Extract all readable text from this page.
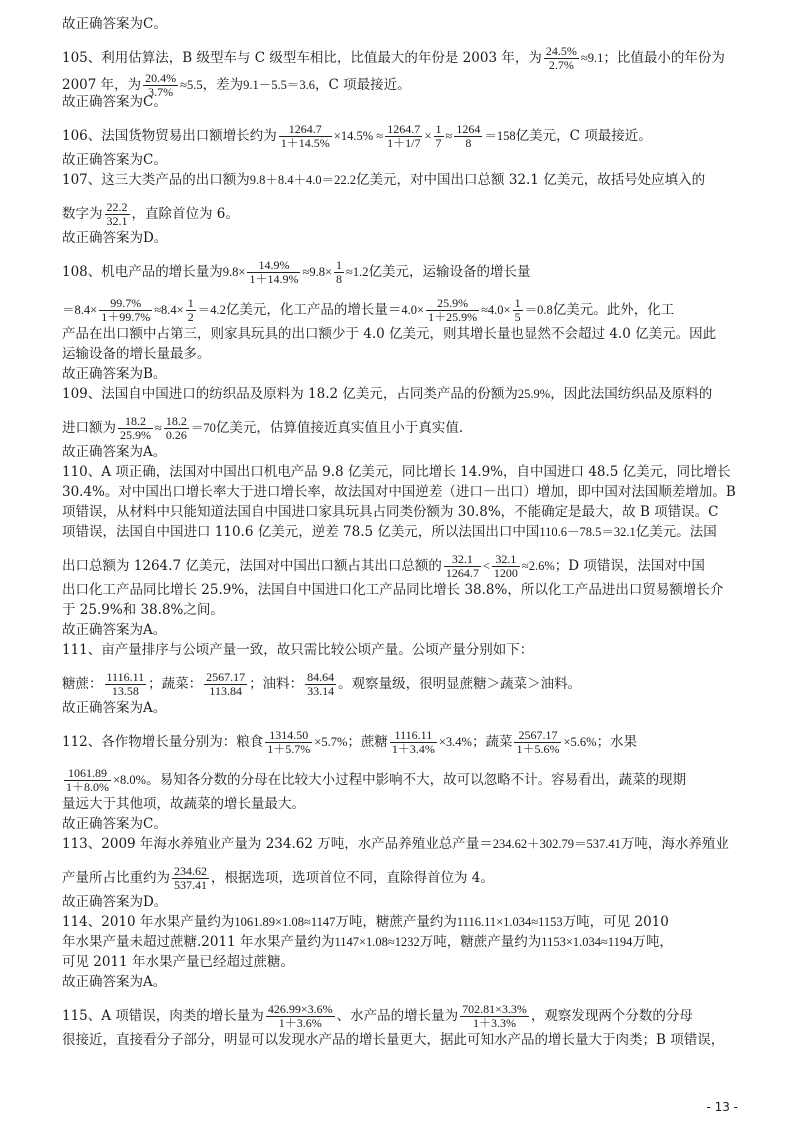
故正确答案为C。
105、利用估算法，B 级型车与 C 级型车相比，比值最大的年份是 2003 年，为 $\frac{24.5\%}{2.7\%} \approx 9.1$；比值最小的年份为
2007 年，为 $\frac{20.4\%}{3.7\%} \approx 5.5$，差为9.1－5.5＝3.6，C 项最接近。
故正确答案为C。
106、法国货物贸易出口额增长约为 $\frac{1264.7}{1+14.5\%} \times 14.5\% \approx \frac{1264.7}{1+1/7} \times \frac{1}{7} \approx \frac{1264}{8} =158$亿美元，C 项最接近。
故正确答案为C。
107、这三大类产品的出口额为9.8＋8.4＋4.0＝22.2亿美元，对中国出口总额 32.1 亿美元，故括号处应填入的
数字为 $\frac{22.2}{32.1}$ ，直除首位为 6。
故正确答案为D。
108、机电产品的增长量为$9.8\times \frac{14.9\%}{1+14.9\%} \approx 9.8\times \frac{1}{8} \approx 1.2$亿美元，运输设备的增长量
$=8.4\times \frac{99.7\%}{1+99.7\%} \approx 8.4\times \frac{1}{2} =4.2$亿美元，化工产品的增长量$=4.0\times \frac{25.9\%}{1+25.9\%} \approx 4.0\times \frac{1}{5} =0.8$亿美元。此外，化工
产品在出口额中占第三，则家具玩具的出口额少于 4.0 亿美元，则其增长量也显然不会超过 4.0 亿美元。因此
运输设备的增长量最多。
故正确答案为B。
109、法国自中国进口的纺织品及原料为 18.2 亿美元，占同类产品的份额为25.9%，因此法国纺织品及原料的
进口额为 $\frac{18.2}{25.9\%} \approx \frac{18.2}{0.26} =70$亿美元，估算值接近真实值且小于真实值.
故正确答案为A。
110、A 项正确，法国对中国出口机电产品 9.8 亿美元，同比增长 14.9%，自中国进口 48.5 亿美元，同比增长
30.4%。对中国出口增长率大于进口增长率，故法国对中国逆差（进口－出口）增加，即中国对法国顺差增加。B
项错误，从材料中只能知道法国自中国进口家具玩具占同类份额为 30.8%，不能确定是最大，故 B 项错误。C
项错误，法国自中国进口 110.6 亿美元，逆差 78.5 亿美元，所以法国出口中国110.6－78.5＝32.1亿美元。法国
出口总额为 1264.7 亿美元，法国对中国出口额占其出口总额的 $\frac{32.1}{1264.7} < \frac{32.1}{1200} \approx 2.6\%$；D 项错误，法国对中国
出口化工产品同比增长 25.9%，法国自中国进口化工产品同比增长 38.8%，所以化工产品进出口贸易额增长介
于 25.9%和 38.8%之间。
故正确答案为A。
111、亩产量排序与公顷产量一致，故只需比较公顷产量。公顷产量分别如下：
糖蔗： $\frac{1116.11}{13.58}$ ；蔬菜： $\frac{2567.17}{113.84}$ ；油料： $\frac{84.64}{33.14}$ 。观察量级，很明显蔗糖＞蔬菜＞油料。
故正确答案为A。
112、各作物增长量分别为：粮食 $\frac{1314.50}{1+5.7\%} \times 5.7\%$；蔗糖 $\frac{1116.11}{1+3.4\%} \times 3.4\%$；蔬菜 $\frac{2567.17}{1+5.6\%} \times 5.6\%$；水果
$\frac{1061.89}{1+8.0\%} \times 8.0\%$。易知各分数的分母在比较大小过程中影响不大，故可以忽略不计。容易看出，蔬菜的现期
量远大于其他项，故蔬菜的增长量最大。
故正确答案为C。
113、2009 年海水养殖业产量为 234.62 万吨，水产品养殖业总产量＝234.62＋302.79＝537.41万吨，海水养殖业
产量所占比重约为 $\frac{234.62}{537.41}$ ，根据选项，选项首位不同，直除得首位为 4。
故正确答案为D。
114、2010 年水果产量约为1061.89×1.08≈1147万吨，糖蔗产量约为1116.11×1.034≈1153万吨，可见 2010
年水果产量未超过蔗糖.2011 年水果产量约为1147×1.08≈1232万吨，糖蔗产量约为1153×1.034≈1194万吨，
可见 2011 年水果产量已经超过蔗糖。
故正确答案为A。
115、A 项错误，肉类的增长量为 $\frac{426.99\times 3.6\%}{1+3.6\%}$ 、水产品的增长量为 $\frac{702.81\times 3.3\%}{1+3.3\%}$ ，观察发现两个分数的分母
很接近，直接看分子部分，明显可以发现水产品的增长量更大，据此可知水产品的增长量大于肉类；B 项错误，
- 13 -
